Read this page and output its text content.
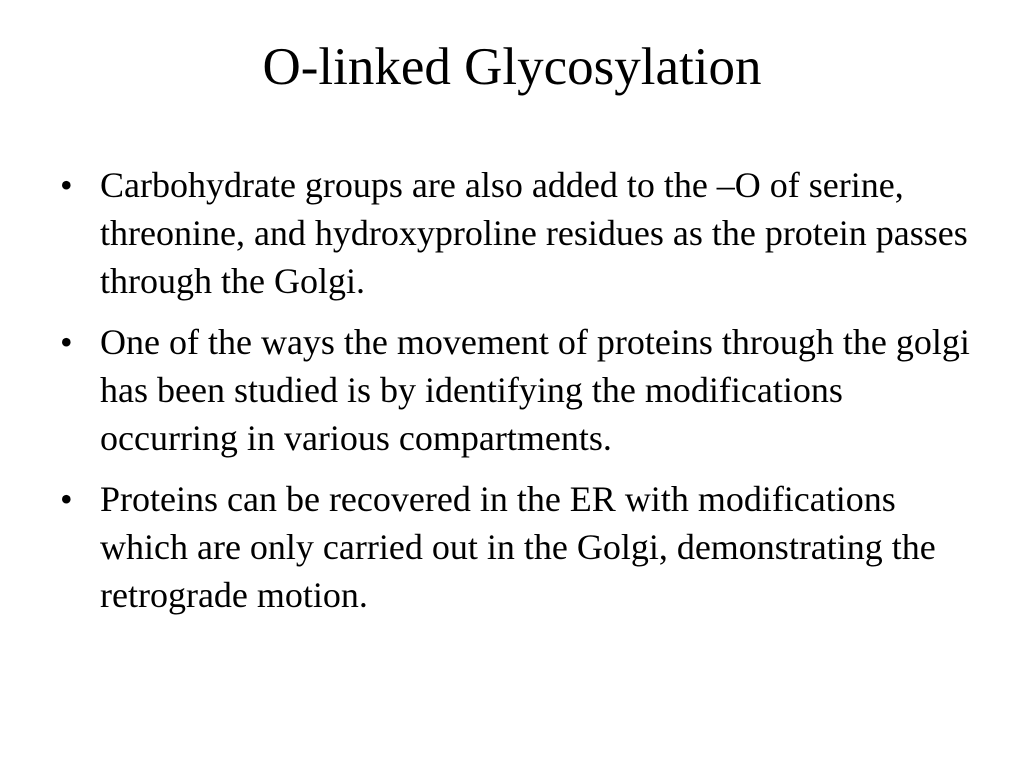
O-linked Glycosylation
• Carbohydrate groups are also added to the –O of serine, threonine, and hydroxyproline residues as the protein passes through the Golgi.
• One of the ways the movement of proteins through the golgi has been studied is by identifying the modifications occurring in various compartments.
• Proteins can be recovered in the ER with modifications which are only carried out in the Golgi, demonstrating the retrograde motion.
